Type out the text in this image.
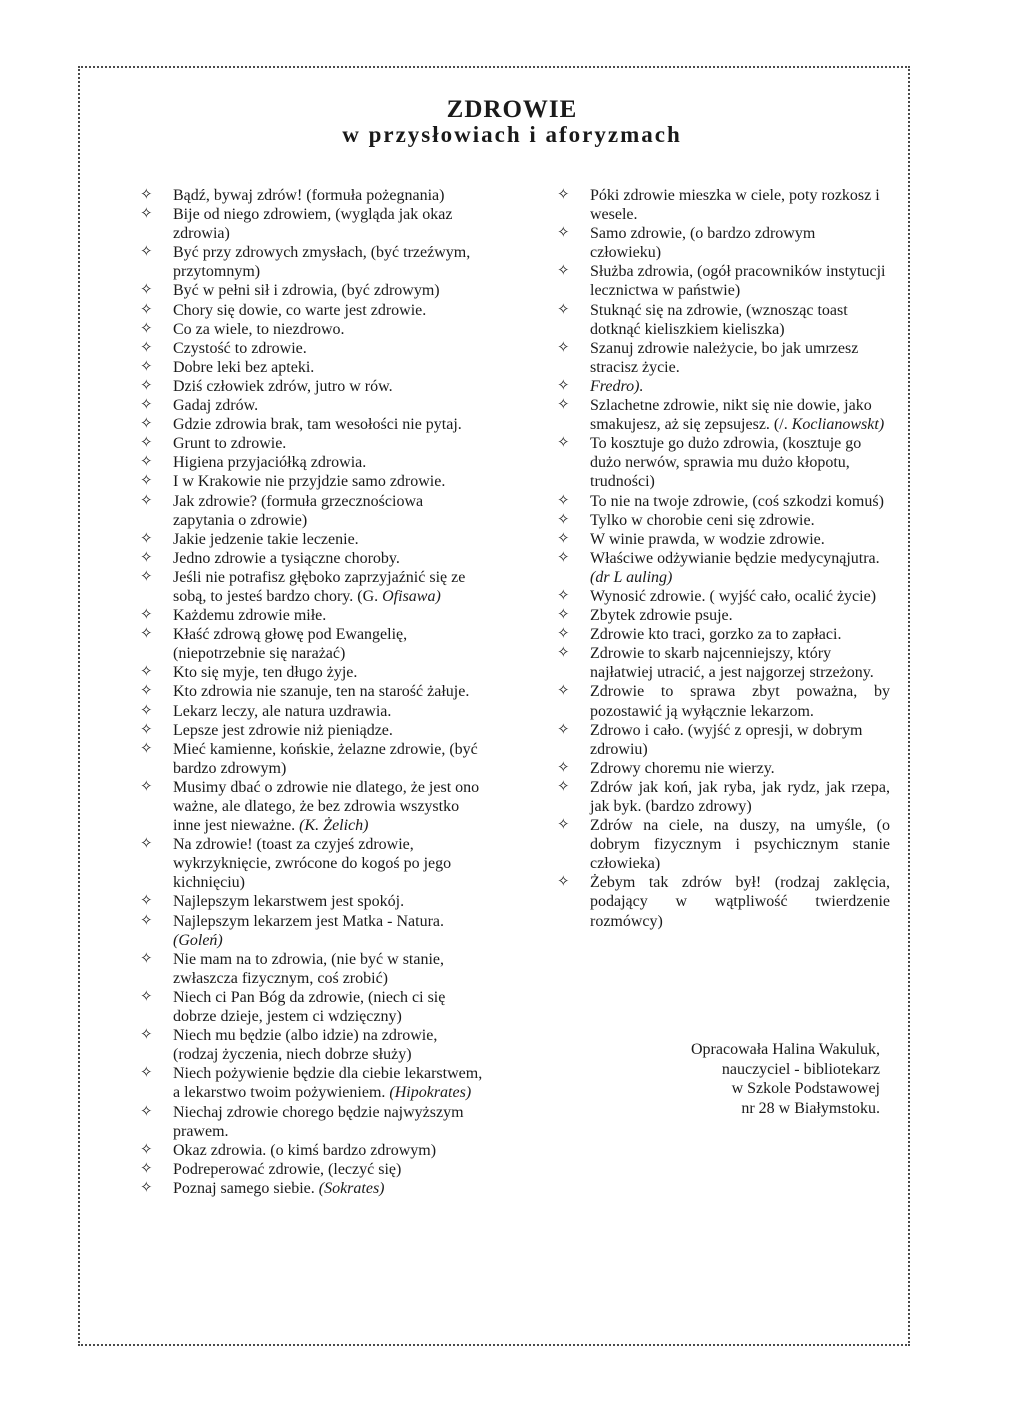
ZDROWIE
w przysłowiach i aforyzmach
✧ Bądź, bywaj zdrów! (formuła pożegnania)
✧ Bije od niego zdrowiem, (wygląda jak okaz zdrowia)
✧ Być przy zdrowych zmysłach, (być trzeźwym, przytomnym)
✧ Być w pełni sił i zdrowia, (być zdrowym)
✧ Chory się dowie, co warte jest zdrowie.
✧ Co za wiele, to niezdrowo.
✧ Czystość to zdrowie.
✧ Dobre leki bez apteki.
✧ Dziś człowiek zdrów, jutro w rów.
✧ Gadaj zdrów.
✧ Gdzie zdrowia brak, tam wesołości nie pytaj.
✧ Grunt to zdrowie.
✧ Higiena przyjaciółką zdrowia.
✧ I w Krakowie nie przyjdzie samo zdrowie.
✧ Jak zdrowie? (formuła grzecznościowa zapytania o zdrowie)
✧ Jakie jedzenie takie leczenie.
✧ Jedno zdrowie a tysiączne choroby.
✧ Jeśli nie potrafisz głęboko zaprzyjaźnić się ze sobą, to jesteś bardzo chory. (G. Ofisawa)
✧ Każdemu zdrowie miłe.
✧ Kłaść zdrową głowę pod Ewangelię, (niepotrzebnie się narażać)
✧ Kto się myje, ten długo żyje.
✧ Kto zdrowia nie szanuje, ten na starość żałuje.
✧ Lekarz leczy, ale natura uzdrawia.
✧ Lepsze jest zdrowie niż pieniądze.
✧ Mieć kamienne, końskie, żelazne zdrowie, (być bardzo zdrowym)
✧ Musimy dbać o zdrowie nie dlatego, że jest ono ważne, ale dlatego, że bez zdrowia wszystko inne jest nieważne. (K. Żelich)
✧ Na zdrowie! (toast za czyjeś zdrowie, wykrzyknięcie, zwrócone do kogoś po jego kichnięciu)
✧ Najlepszym lekarstwem jest spokój.
✧ Najlepszym lekarzem jest Matka - Natura. (Goleń)
✧ Nie mam na to zdrowia, (nie być w stanie, zwłaszcza fizycznym, coś zrobić)
✧ Niech ci Pan Bóg da zdrowie, (niech ci się dobrze dzieje, jestem ci wdzięczny)
✧ Niech mu będzie (albo idzie) na zdrowie, (rodzaj życzenia, niech dobrze służy)
✧ Niech pożywienie będzie dla ciebie lekarstwem, a lekarstwo twoim pożywieniem. (Hipokrates)
✧ Niechaj zdrowie chorego będzie najwyższym prawem.
✧ Okaz zdrowia. (o kimś bardzo zdrowym)
✧ Podreperować zdrowie, (leczyć się)
✧ Poznaj samego siebie. (Sokrates)
✧ Póki zdrowie mieszka w ciele, poty rozkosz i wesele.
✧ Samo zdrowie, (o bardzo zdrowym człowieku)
✧ Służba zdrowia, (ogół pracowników instytucji lecznictwa w państwie)
✧ Stuknąć się na zdrowie, (wznosząc toast dotknąć kieliszkiem kieliszka)
✧ Szanuj zdrowie należycie, bo jak umrzesz stracisz życie.
✧ Fredro).
✧ Szlachetne zdrowie, nikt się nie dowie, jako smakujesz, aż się zepsujesz. (/. Koclianowskt)
✧ To kosztuje go dużo zdrowia, (kosztuje go dużo nerwów, sprawia mu dużo kłopotu, trudności)
✧ To nie na twoje zdrowie, (coś szkodzi komuś)
✧ Tylko w chorobie ceni się zdrowie.
✧ W winie prawda, w wodzie zdrowie.
✧ Właściwe odżywianie będzie medycynąjutra. (dr L auling)
✧ Wynosić zdrowie. ( wyjść cało, ocalić życie)
✧ Zbytek zdrowie psuje.
✧ Zdrowie kto traci, gorzko za to zapłaci.
✧ Zdrowie to skarb najcenniejszy, który najłatwiej utracić, a jest najgorzej strzeżony.
✧ Zdrowie to sprawa zbyt poważna, by pozostawić ją wyłącznie lekarzom.
✧ Zdrowo i cało. (wyjść z opresji, w dobrym zdrowiu)
✧ Zdrowy choremu nie wierzy.
✧ Zdrów jak koń, jak ryba, jak rydz, jak rzepa, jak byk. (bardzo zdrowy)
✧ Zdrów na ciele, na duszy, na umyśle, (o dobrym fizycznym i psychicznym stanie człowieka)
✧ Żebym tak zdrów był! (rodzaj zaklęcia, podający w wątpliwość twierdzenie rozmówcy)
Opracowała Halina Wakuluk,
nauczyciel - bibliotekarz
w Szkole Podstawowej
nr 28 w Białymstoku.
